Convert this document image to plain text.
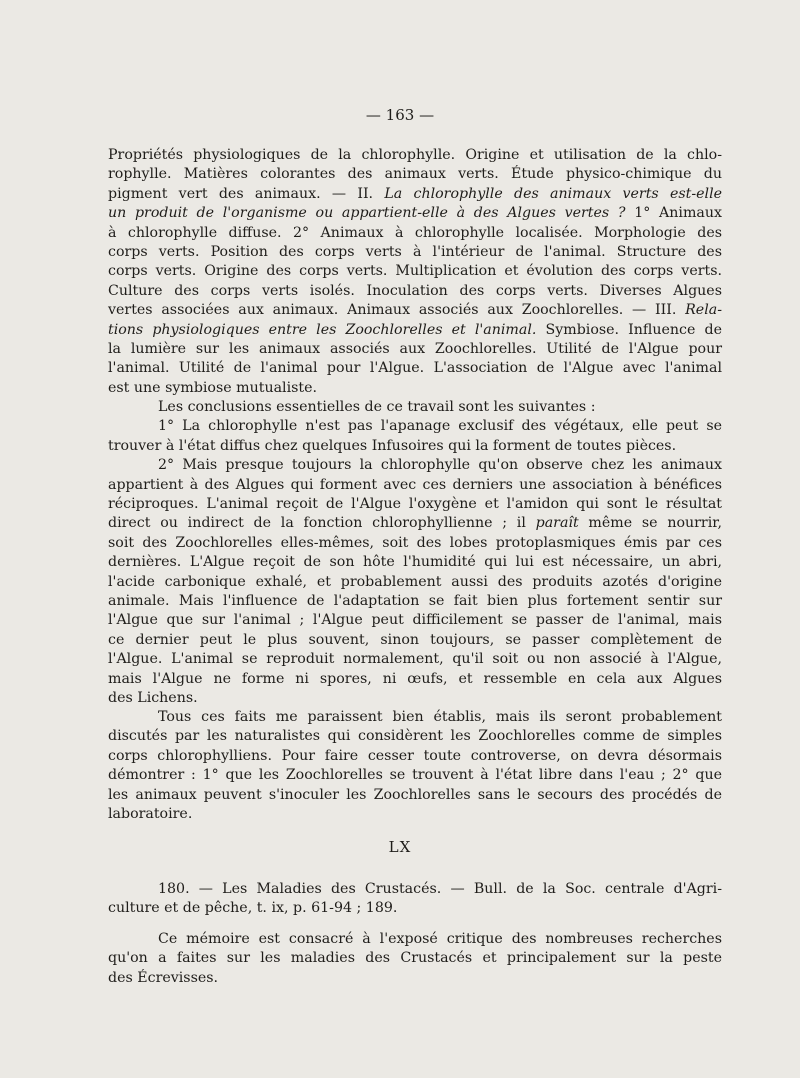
— 163 —
Propriétés physiologiques de la chlorophylle. Origine et utilisation de la chlo-
rophylle. Matières colorantes des animaux verts. Étude physico-chimique du
pigment vert des animaux. — II. La chlorophylle des animaux verts est-elle
un produit de l'organisme ou appartient-elle à des Algues vertes ? 1° Animaux
à chlorophylle diffuse. 2° Animaux à chlorophylle localisée. Morphologie des
corps verts. Position des corps verts à l'intérieur de l'animal. Structure des
corps verts. Origine des corps verts. Multiplication et évolution des corps verts.
Culture des corps verts isolés. Inoculation des corps verts. Diverses Algues
vertes associées aux animaux. Animaux associés aux Zoochlorelles. — III. Rela-
tions physiologiques entre les Zoochlorelles et l'animal. Symbiose. Influence de
la lumière sur les animaux associés aux Zoochlorelles. Utilité de l'Algue pour
l'animal. Utilité de l'animal pour l'Algue. L'association de l'Algue avec l'animal
est une symbiose mutualiste.
Les conclusions essentielles de ce travail sont les suivantes :
1° La chlorophylle n'est pas l'apanage exclusif des végétaux, elle peut se
trouver à l'état diffus chez quelques Infusoires qui la forment de toutes pièces.
2° Mais presque toujours la chlorophylle qu'on observe chez les animaux
appartient à des Algues qui forment avec ces derniers une association à bénéfices
réciproques. L'animal reçoit de l'Algue l'oxygène et l'amidon qui sont le résultat
direct ou indirect de la fonction chlorophyllienne ; il paraît même se nourrir,
soit des Zoochlorelles elles-mêmes, soit des lobes protoplasmiques émis par ces
dernières. L'Algue reçoit de son hôte l'humidité qui lui est nécessaire, un abri,
l'acide carbonique exhalé, et probablement aussi des produits azotés d'origine
animale. Mais l'influence de l'adaptation se fait bien plus fortement sentir sur
l'Algue que sur l'animal ; l'Algue peut difficilement se passer de l'animal, mais
ce dernier peut le plus souvent, sinon toujours, se passer complètement de
l'Algue. L'animal se reproduit normalement, qu'il soit ou non associé à l'Algue,
mais l'Algue ne forme ni spores, ni œufs, et ressemble en cela aux Algues
des Lichens.
Tous ces faits me paraissent bien établis, mais ils seront probablement
discutés par les naturalistes qui considèrent les Zoochlorelles comme de simples
corps chlorophylliens. Pour faire cesser toute controverse, on devra désormais
démontrer : 1° que les Zoochlorelles se trouvent à l'état libre dans l'eau ; 2° que
les animaux peuvent s'inoculer les Zoochlorelles sans le secours des procédés de
laboratoire.
LX
180. — Les Maladies des Crustacés. — Bull. de la Soc. centrale d'Agri-
culture et de pêche, t. ix, p. 61-94 ; 189.
Ce mémoire est consacré à l'exposé critique des nombreuses recherches
qu'on a faites sur les maladies des Crustacés et principalement sur la peste
des Écrevisses.
